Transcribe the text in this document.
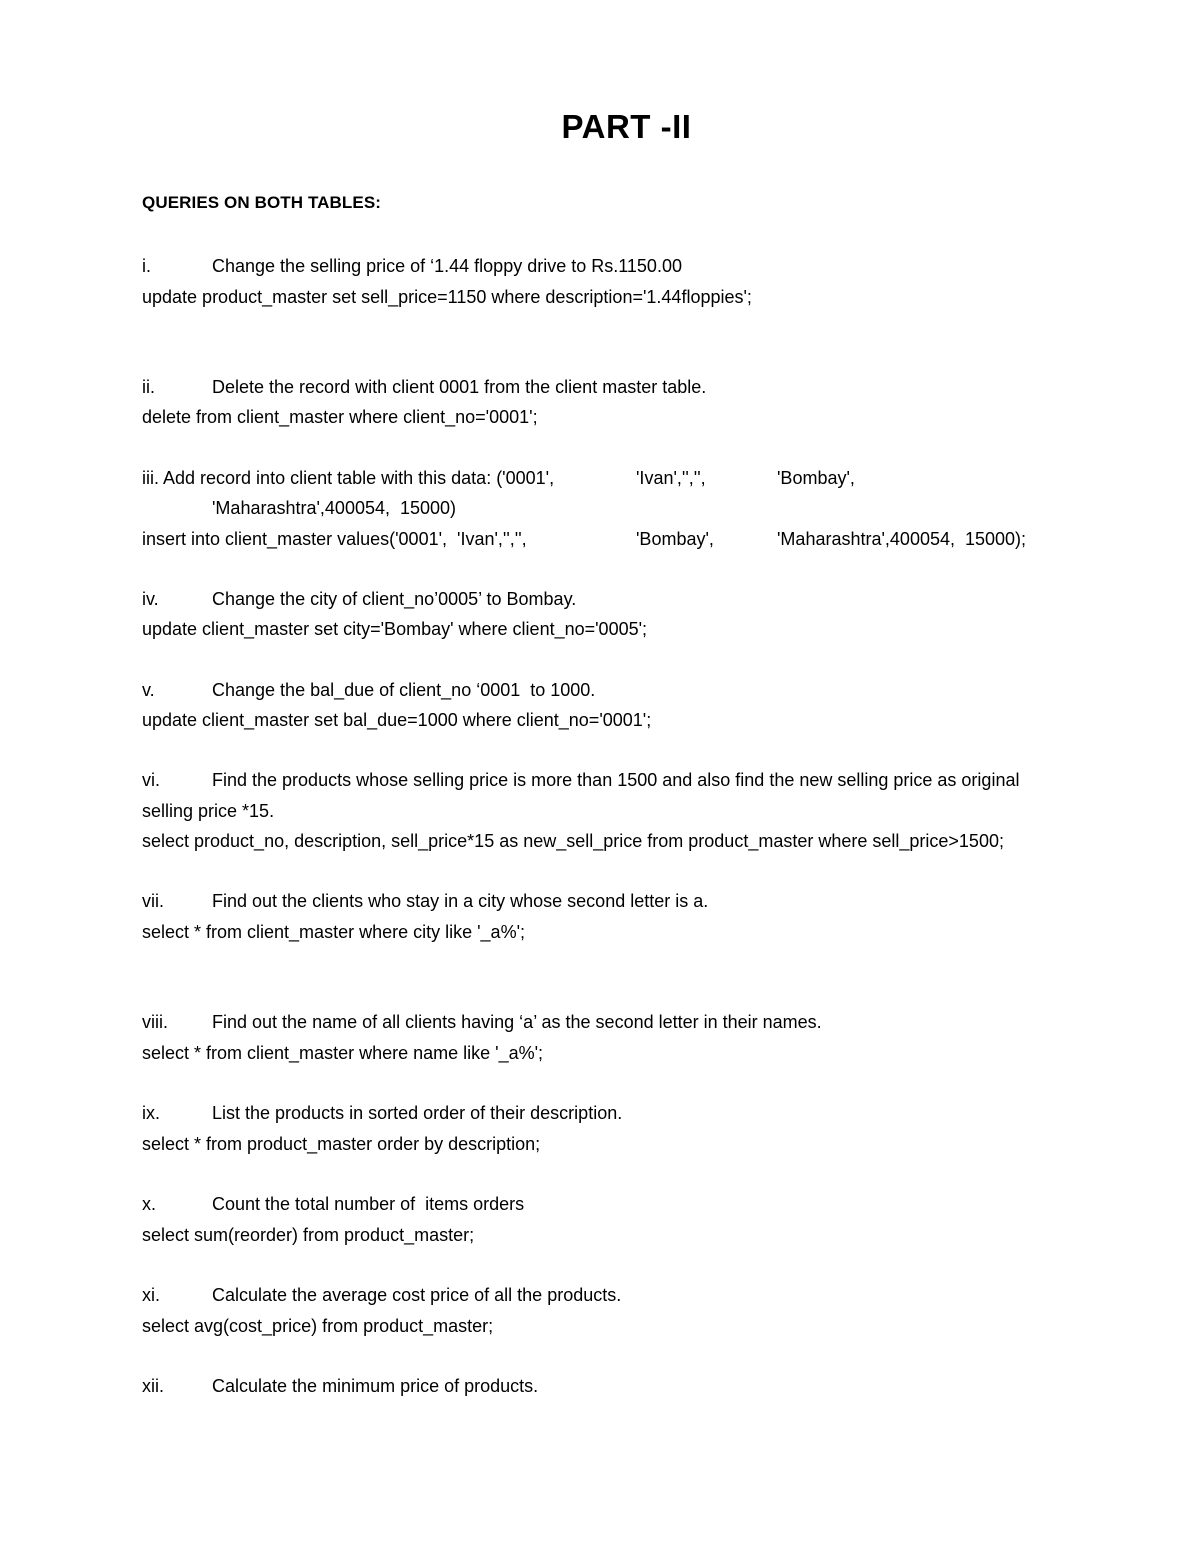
PART -II
QUERIES ON BOTH TABLES:
i.	Change the selling price of ‘1.44 floppy drive to Rs.1150.00
update product_master set sell_price=1150 where description='1.44floppies';
ii.	Delete the record with client 0001 from the client master table.
delete from client_master where client_no='0001';
iii. Add record into client table with this data: ('0001',	'Ivan','','',	'Bombay',
'Maharashtra',400054,  15000)
insert into client_master values('0001',  'Ivan','','',	'Bombay',	'Maharashtra',400054,  15000);
iv.	Change the city of client_no’0005’ to Bombay.
update client_master set city='Bombay' where client_no='0005';
v.	Change the bal_due of client_no ‘0001  to 1000.
update client_master set bal_due=1000 where client_no='0001';
vi.	Find the products whose selling price is more than 1500 and also find the new selling price as original
selling price *15.
select product_no, description, sell_price*15 as new_sell_price from product_master where sell_price>1500;
vii.	Find out the clients who stay in a city whose second letter is a.
select * from client_master where city like '_a%';
viii. Find out the name of all clients having ‘a’ as the second letter in their names.
select * from client_master where name like '_a%';
ix.	List the products in sorted order of their description.
select * from product_master order by description;
x.	Count the total number of  items orders
select sum(reorder) from product_master;
xi.	Calculate the average cost price of all the products.
select avg(cost_price) from product_master;
xii.	Calculate the minimum price of products.
